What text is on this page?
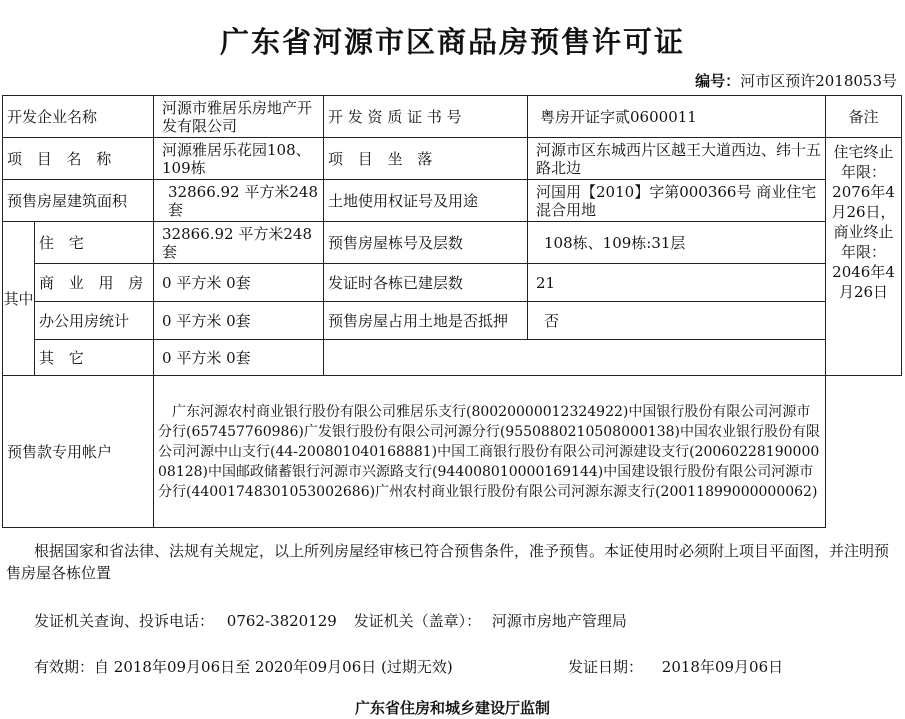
广东省河源市区商品房预售许可证
编号：河市区预许2018053号
开发企业名称		河源市雅居乐房地产开发有限公司	开 发 资 质 证 书 号	粤房开证字贰0600011	备注	
项 目 名 称		河源雅居乐花园108、109栋	项 目 坐 落	河源市区东城西片区越王大道西边、纬十五路北边	住宅终止年限：2076年4月26日，商业终止年限：2046年4月26日	
预售房屋建筑面积		32866.92 平方米248套	土地使用权证号及用途	河国用【2010】字第000366号 商业住宅混合用地		
其中	住 宅	32866.92 平方米248套	预售房屋栋号及层数	108栋、109栋:31层		
	商 业 用 房	0 平方米 0套	发证时各栋已建层数	21		
	办公用房统计	0 平方米 0套	预售房屋占用土地是否抵押	否		
	其 它	0 平方米 0套				
预售款专用帐户		广东河源农村商业银行股份有限公司雅居乐支行(80020000012324922)中国银行股份有限公司河源市分行(657457760986)广发银行股份有限公司河源分行(9550880210508000138)中国农业银行股份有限公司河源中山支行(44-200801040168881)中国工商银行股份有限公司河源建设支行(2006022819000008128)中国邮政储蓄银行河源市兴源路支行(944008010000169144)中国建设银行股份有限公司河源市分行(44001748301053002686)广州农村商业银行股份有限公司河源东源支行(20011899000000062)				
根据国家和省法律、法规有关规定，以上所列房屋经审核已符合预售条件，准予预售。本证使用时必须附上项目平面图，并注明预售房屋各栋位置
发证机关查询、投诉电话： 0762-3820129 发证机关（盖章）： 河源市房地产管理局
有效期：自 2018年09月06日至 2020年09月06日 (过期无效)	发证日期： 2018年09月06日
广东省住房和城乡建设厅监制
